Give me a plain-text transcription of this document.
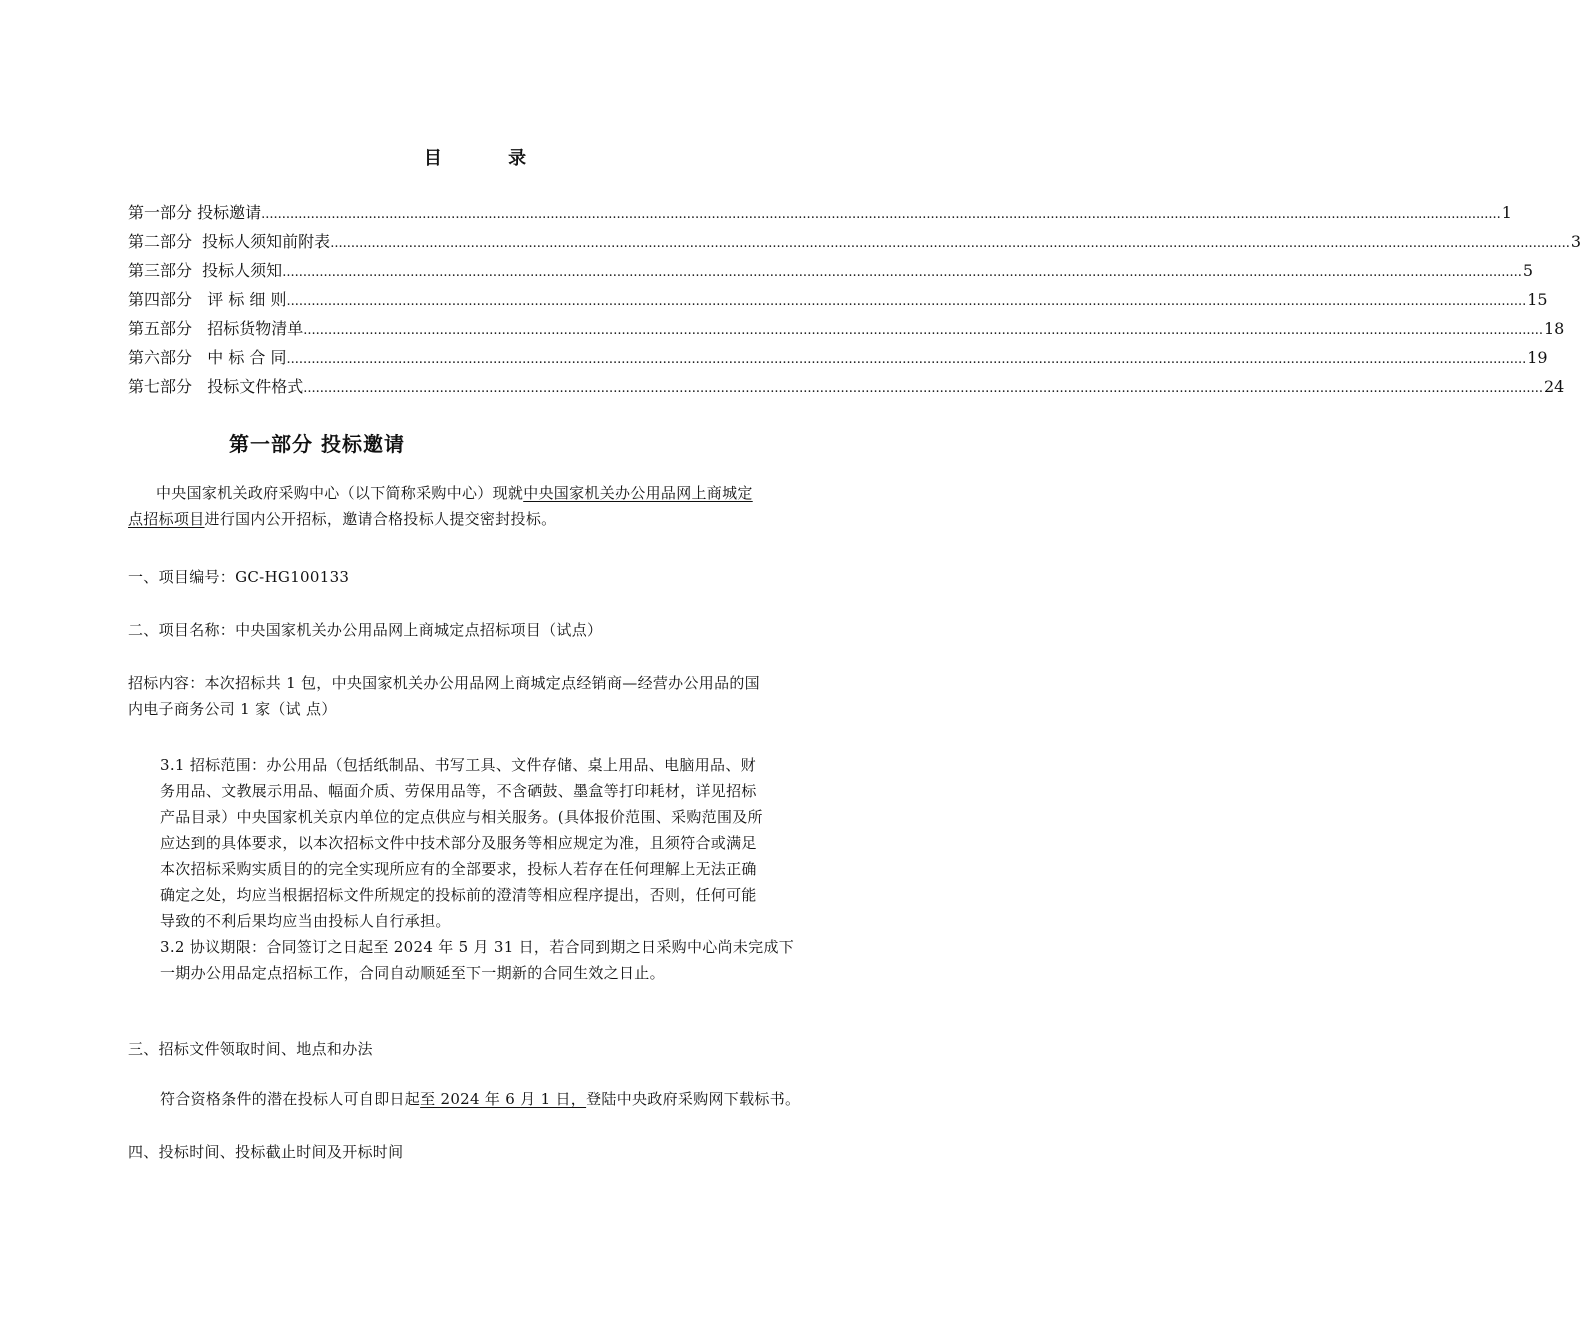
目 录
第一部分 投标邀请 ............................................................................................................................................................................................................................................................................................................ 1
第二部分  投标人须知前附表 ............................................................................................................................................................................................................................................................................................................ 3
第三部分  投标人须知 ............................................................................................................................................................................................................................................................................................................ 5
第四部分   评 标 细 则 ............................................................................................................................................................................................................................................................................................................ 15
第五部分   招标货物清单 ............................................................................................................................................................................................................................................................................................................ 18
第六部分   中 标 合 同 ............................................................................................................................................................................................................................................................................................................ 19
第七部分   投标文件格式 ............................................................................................................................................................................................................................................................................................................ 24
第一部分 投标邀请
中央国家机关政府采购中心（以下简称采购中心）现就中央国家机关办公用品网上商城定
点招标项目进行国内公开招标，邀请合格投标人提交密封投标。
一、项目编号：GC-HG100133
二、项目名称：中央国家机关办公用品网上商城定点招标项目（试点）
招标内容：本次招标共 1 包，中央国家机关办公用品网上商城定点经销商—经营办公用品的国
内电子商务公司 1 家（试 点）
3.1 招标范围：办公用品（包括纸制品、书写工具、文件存储、桌上用品、电脑用品、财
务用品、文教展示用品、幅面介质、劳保用品等，不含硒鼓、墨盒等打印耗材，详见招标
产品目录）中央国家机关京内单位的定点供应与相关服务。(具体报价范围、采购范围及所
应达到的具体要求，以本次招标文件中技术部分及服务等相应规定为准，且须符合或满足
本次招标采购实质目的的完全实现所应有的全部要求，投标人若存在任何理解上无法正确
确定之处，均应当根据招标文件所规定的投标前的澄清等相应程序提出，否则，任何可能
导致的不利后果均应当由投标人自行承担。
3.2 协议期限：合同签订之日起至 2024 年 5 月 31 日，若合同到期之日采购中心尚未完成下
一期办公用品定点招标工作，合同自动顺延至下一期新的合同生效之日止。
三、招标文件领取时间、地点和办法
符合资格条件的潜在投标人可自即日起至 2024 年 6 月 1 日，登陆中央政府采购网下载标书。
四、投标时间、投标截止时间及开标时间
